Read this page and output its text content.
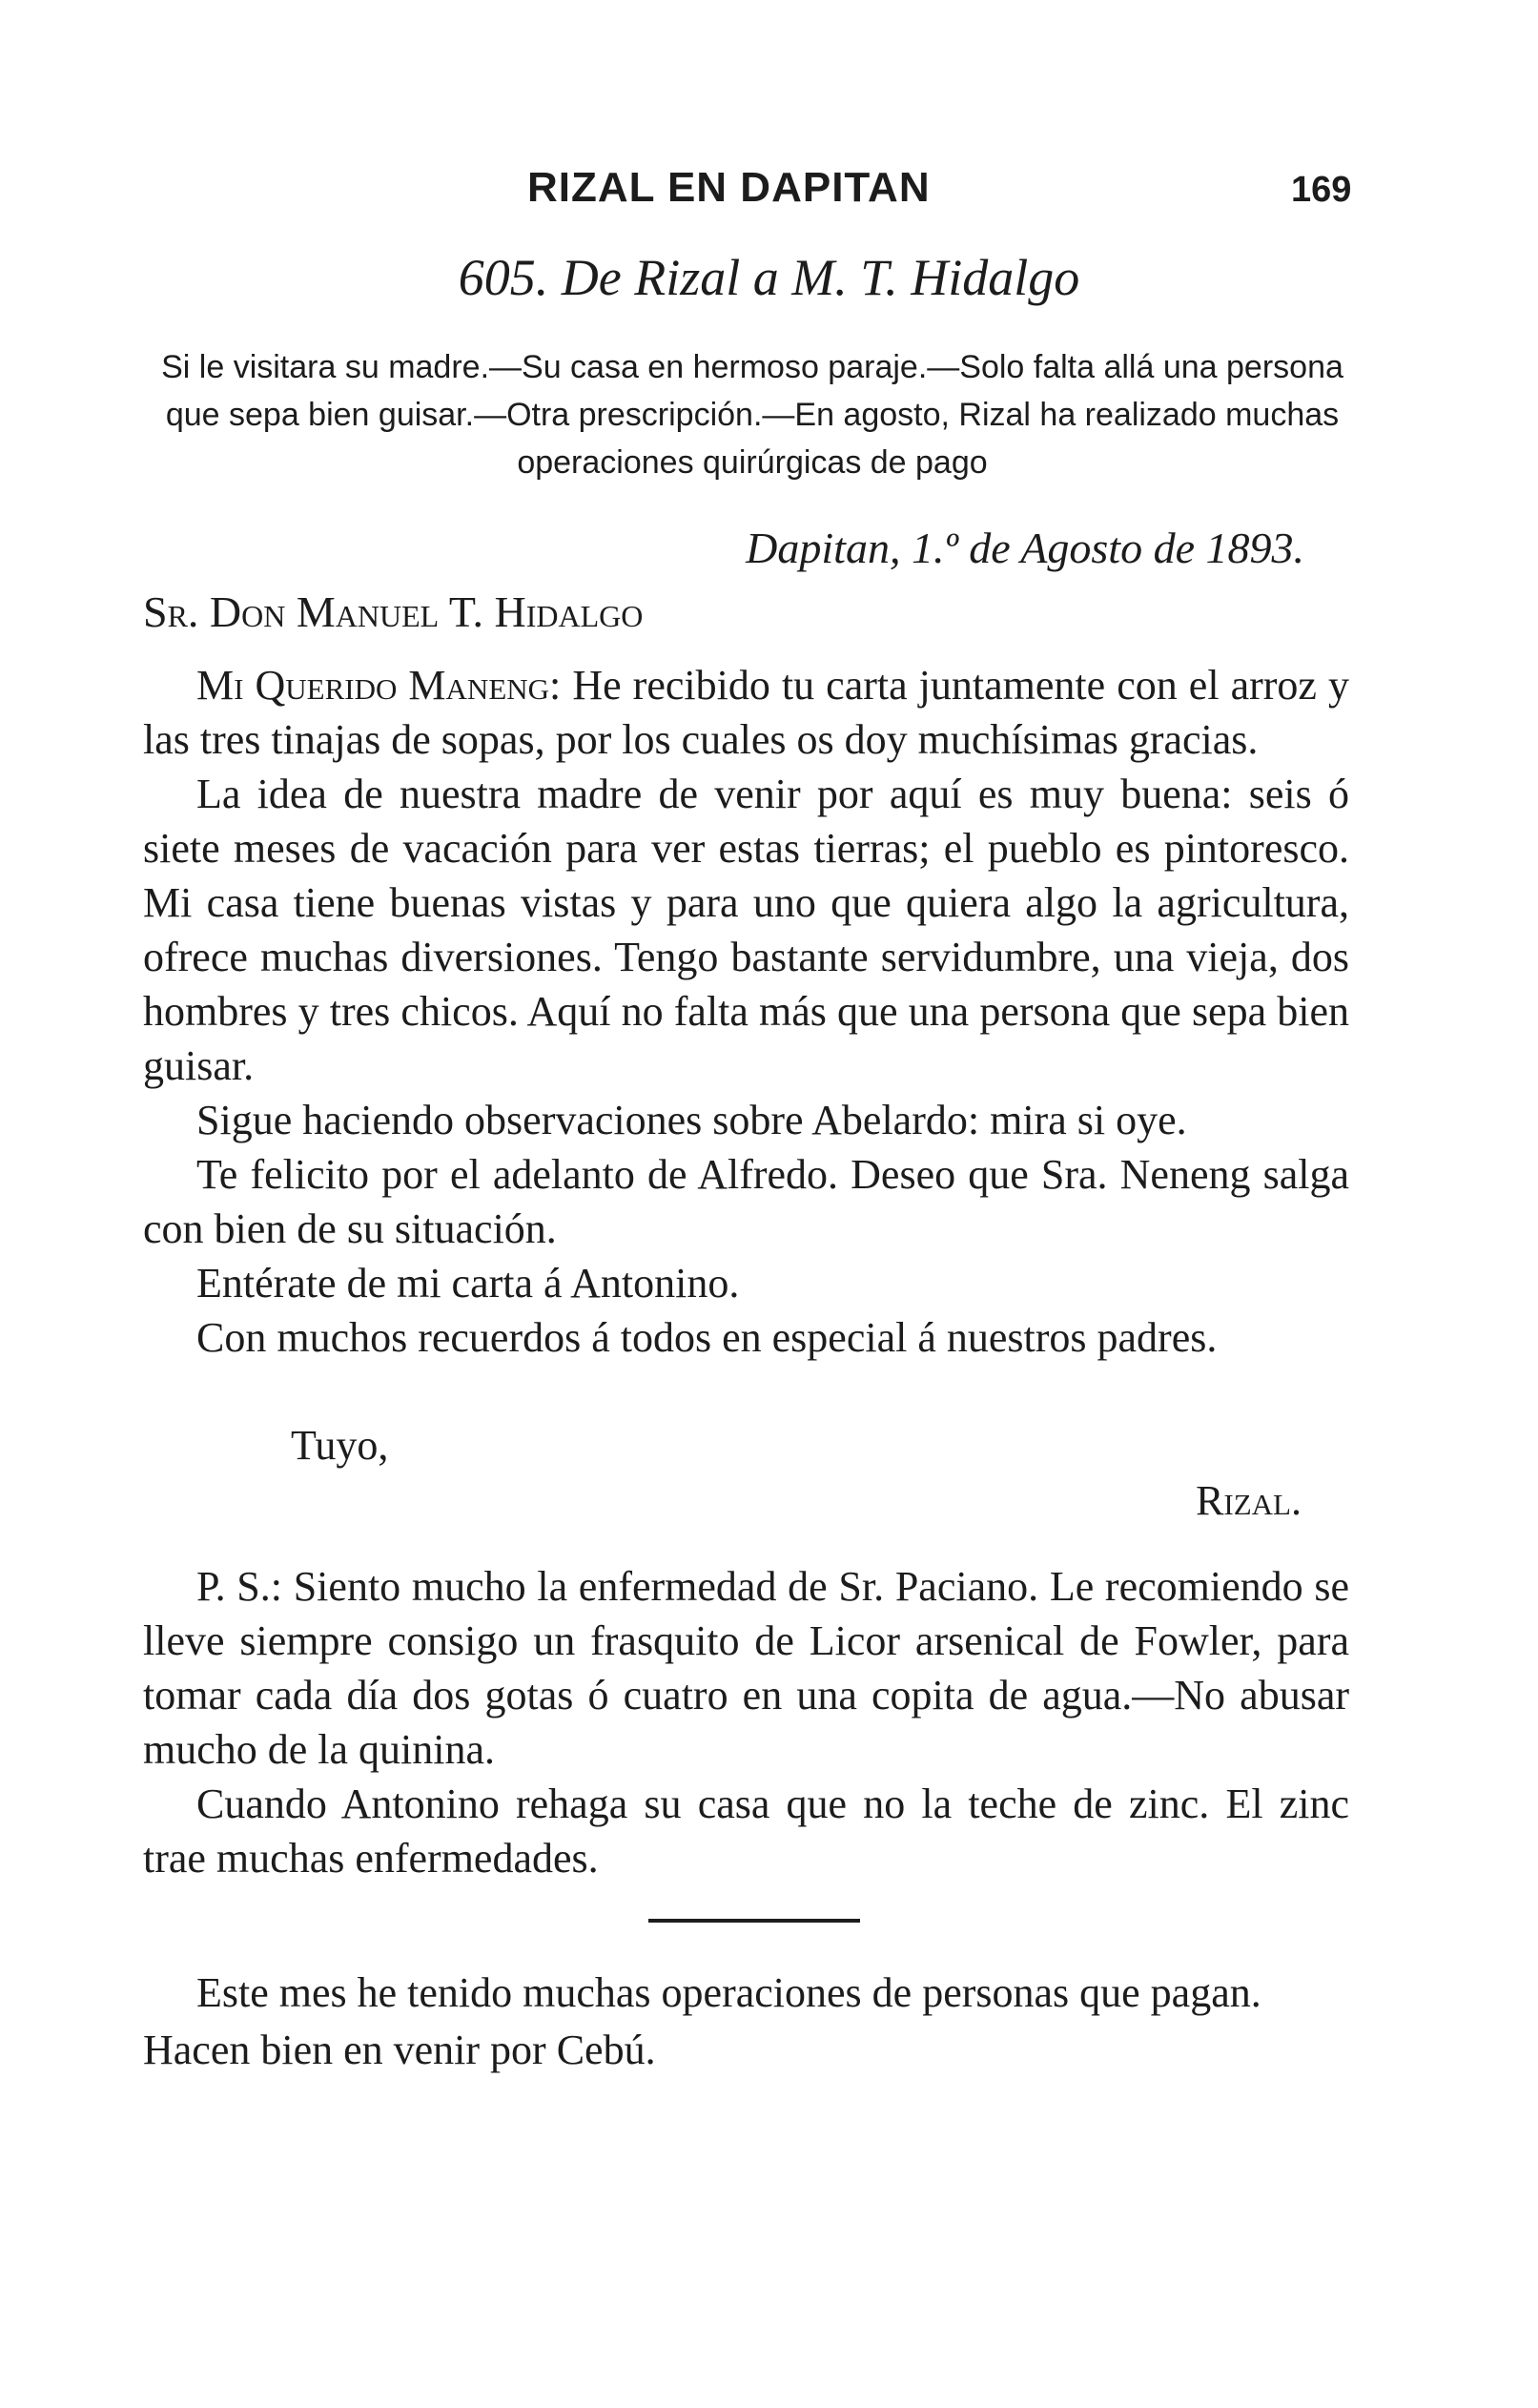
RIZAL EN DAPITAN	169
605. De Rizal a M. T. Hidalgo

Si le visitara su madre.—Su casa en hermoso paraje.—Solo falta allá una persona que sepa bien guisar.—Otra prescripción.—En agosto, Rizal ha realizado muchas operaciones quirúrgicas de pago

Dapitan, 1.º de Agosto de 1893.
Sr. Don Manuel T. Hidalgo

Mi Querido Maneng: He recibido tu carta juntamente con el arroz y las tres tinajas de sopas, por los cuales os doy muchísimas gracias.

La idea de nuestra madre de venir por aquí es muy buena: seis ó siete meses de vacación para ver estas tierras; el pueblo es pintoresco. Mi casa tiene buenas vistas y para uno que quiera algo la agricultura, ofrece muchas diversiones. Tengo bastante servidumbre, una vieja, dos hombres y tres chicos. Aquí no falta más que una persona que sepa bien guisar.

Sigue haciendo observaciones sobre Abelardo: mira si oye.

Te felicito por el adelanto de Alfredo. Deseo que Sra. Neneng salga con bien de su situación.

Entérate de mi carta á Antonino.

Con muchos recuerdos á todos en especial á nuestros padres.

Tuyo,
Rizal.

P. S.: Siento mucho la enfermedad de Sr. Paciano. Le recomiendo se lleve siempre consigo un frasquito de Licor arsenical de Fowler, para tomar cada día dos gotas ó cuatro en una copita de agua.—No abusar mucho de la quinina.

Cuando Antonino rehaga su casa que no la teche de zinc. El zinc trae muchas enfermedades.

Este mes he tenido muchas operaciones de personas que pagan. Hacen bien en venir por Cebú.
